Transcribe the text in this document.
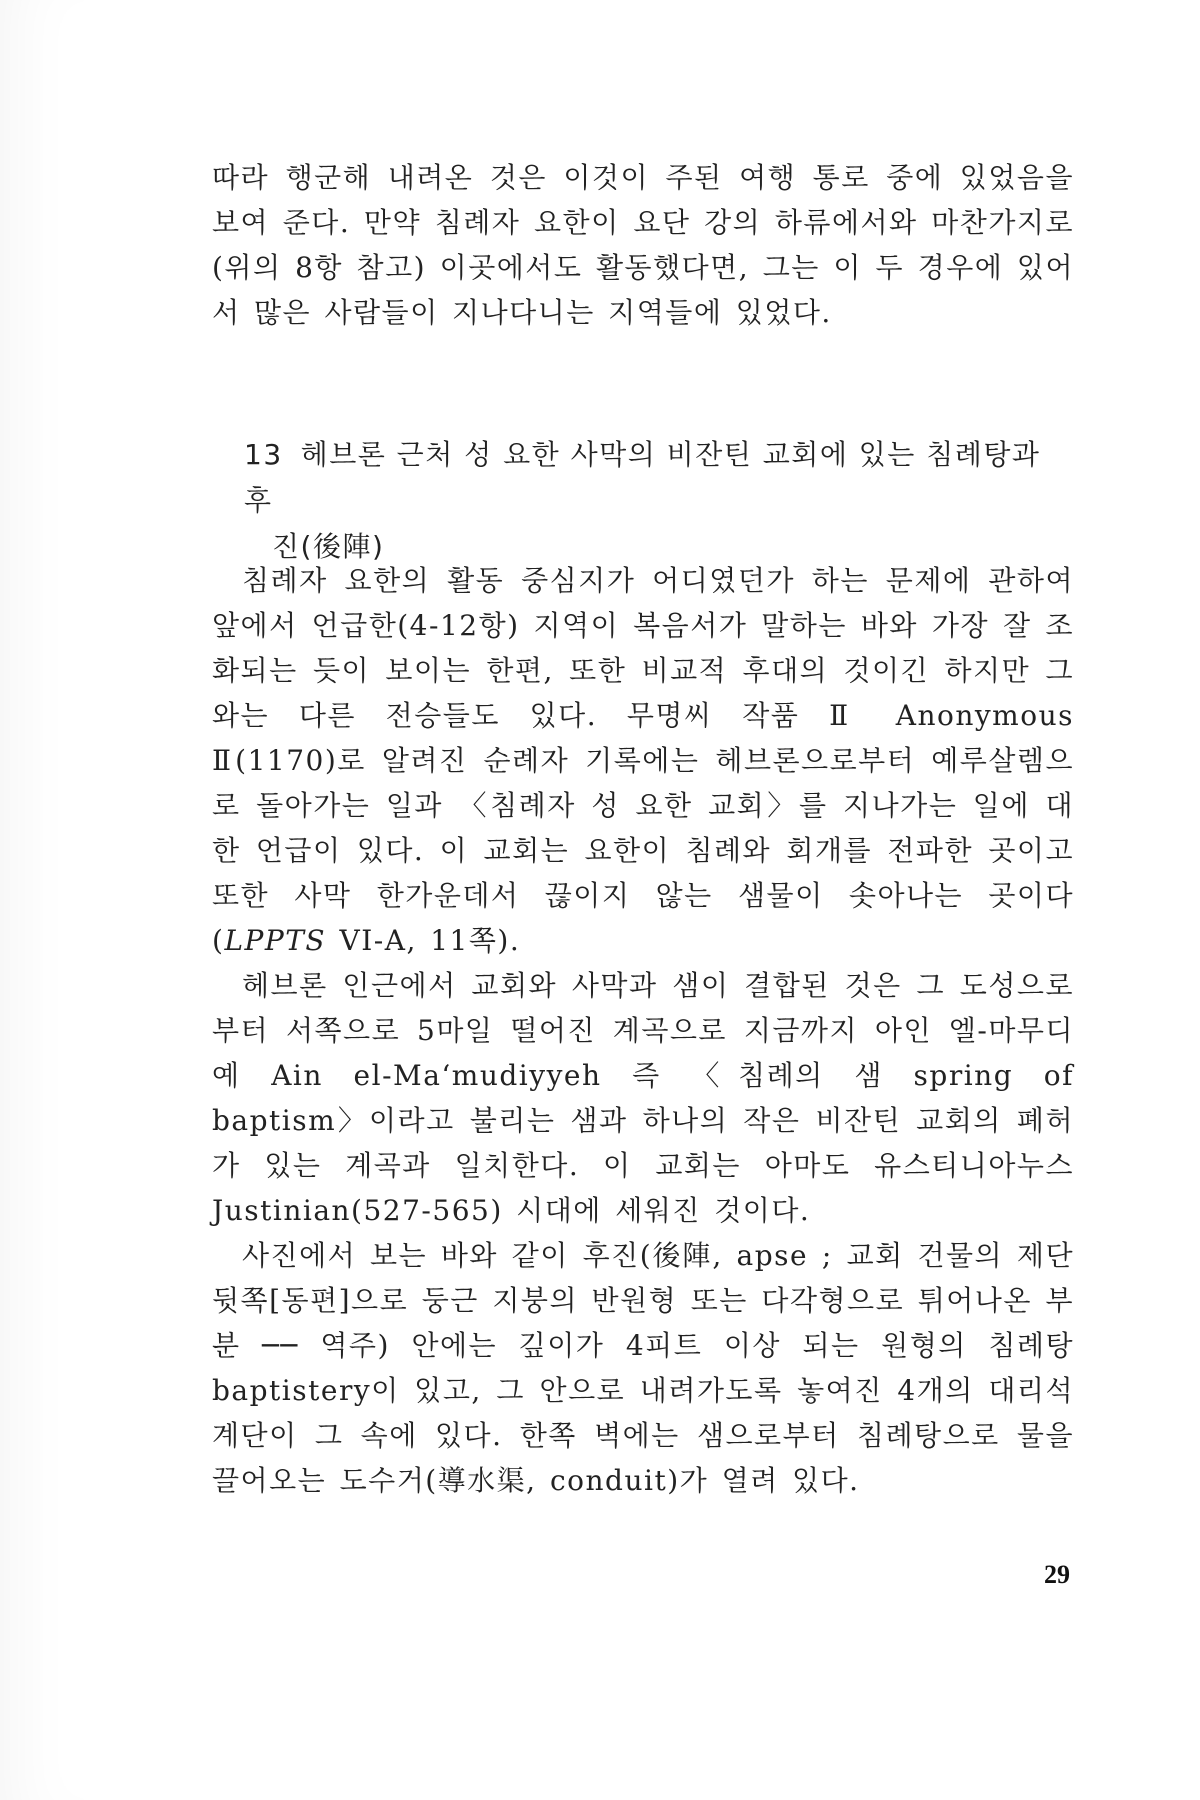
따라 행군해 내려온 것은 이것이 주된 여행 통로 중에 있었음을 보여 준다. 만약 침례자 요한이 요단 강의 하류에서와 마찬가지로(위의 8항 참고) 이곳에서도 활동했다면, 그는 이 두 경우에 있어서 많은 사람들이 지나다니는 지역들에 있었다.

13 헤브론 근처 성 요한 사막의 비잔틴 교회에 있는 침례탕과 후
진(後陣)

침례자 요한의 활동 중심지가 어디였던가 하는 문제에 관하여 앞에서 언급한(4-12항) 지역이 복음서가 말하는 바와 가장 잘 조화되는 듯이 보이는 한편, 또한 비교적 후대의 것이긴 하지만 그와는 다른 전승들도 있다. 무명씨 작품 Ⅱ Anonymous Ⅱ(1170)로 알려진 순례자 기록에는 헤브론으로부터 예루살렘으로 돌아가는 일과 〈침례자 성 요한 교회〉를 지나가는 일에 대한 언급이 있다. 이 교회는 요한이 침례와 회개를 전파한 곳이고 또한 사막 한가운데서 끊이지 않는 샘물이 솟아나는 곳이다(LPPTS VI-A, 11쪽).

헤브론 인근에서 교회와 사막과 샘이 결합된 것은 그 도성으로부터 서쪽으로 5마일 떨어진 계곡으로 지금까지 아인 엘-마무디예 Ain el-Ma‘mudiyyeh 즉 〈침례의 샘 spring of baptism〉이라고 불리는 샘과 하나의 작은 비잔틴 교회의 폐허가 있는 계곡과 일치한다. 이 교회는 아마도 유스티니아누스 Justinian(527-565) 시대에 세워진 것이다.

사진에서 보는 바와 같이 후진(後陣, apse ; 교회 건물의 제단 뒷쪽[동편]으로 둥근 지붕의 반원형 또는 다각형으로 튀어나온 부분 ── 역주) 안에는 깊이가 4피트 이상 되는 원형의 침례탕 baptistery이 있고, 그 안으로 내려가도록 놓여진 4개의 대리석 계단이 그 속에 있다. 한쪽 벽에는 샘으로부터 침례탕으로 물을 끌어오는 도수거(導水渠, conduit)가 열려 있다.

29
